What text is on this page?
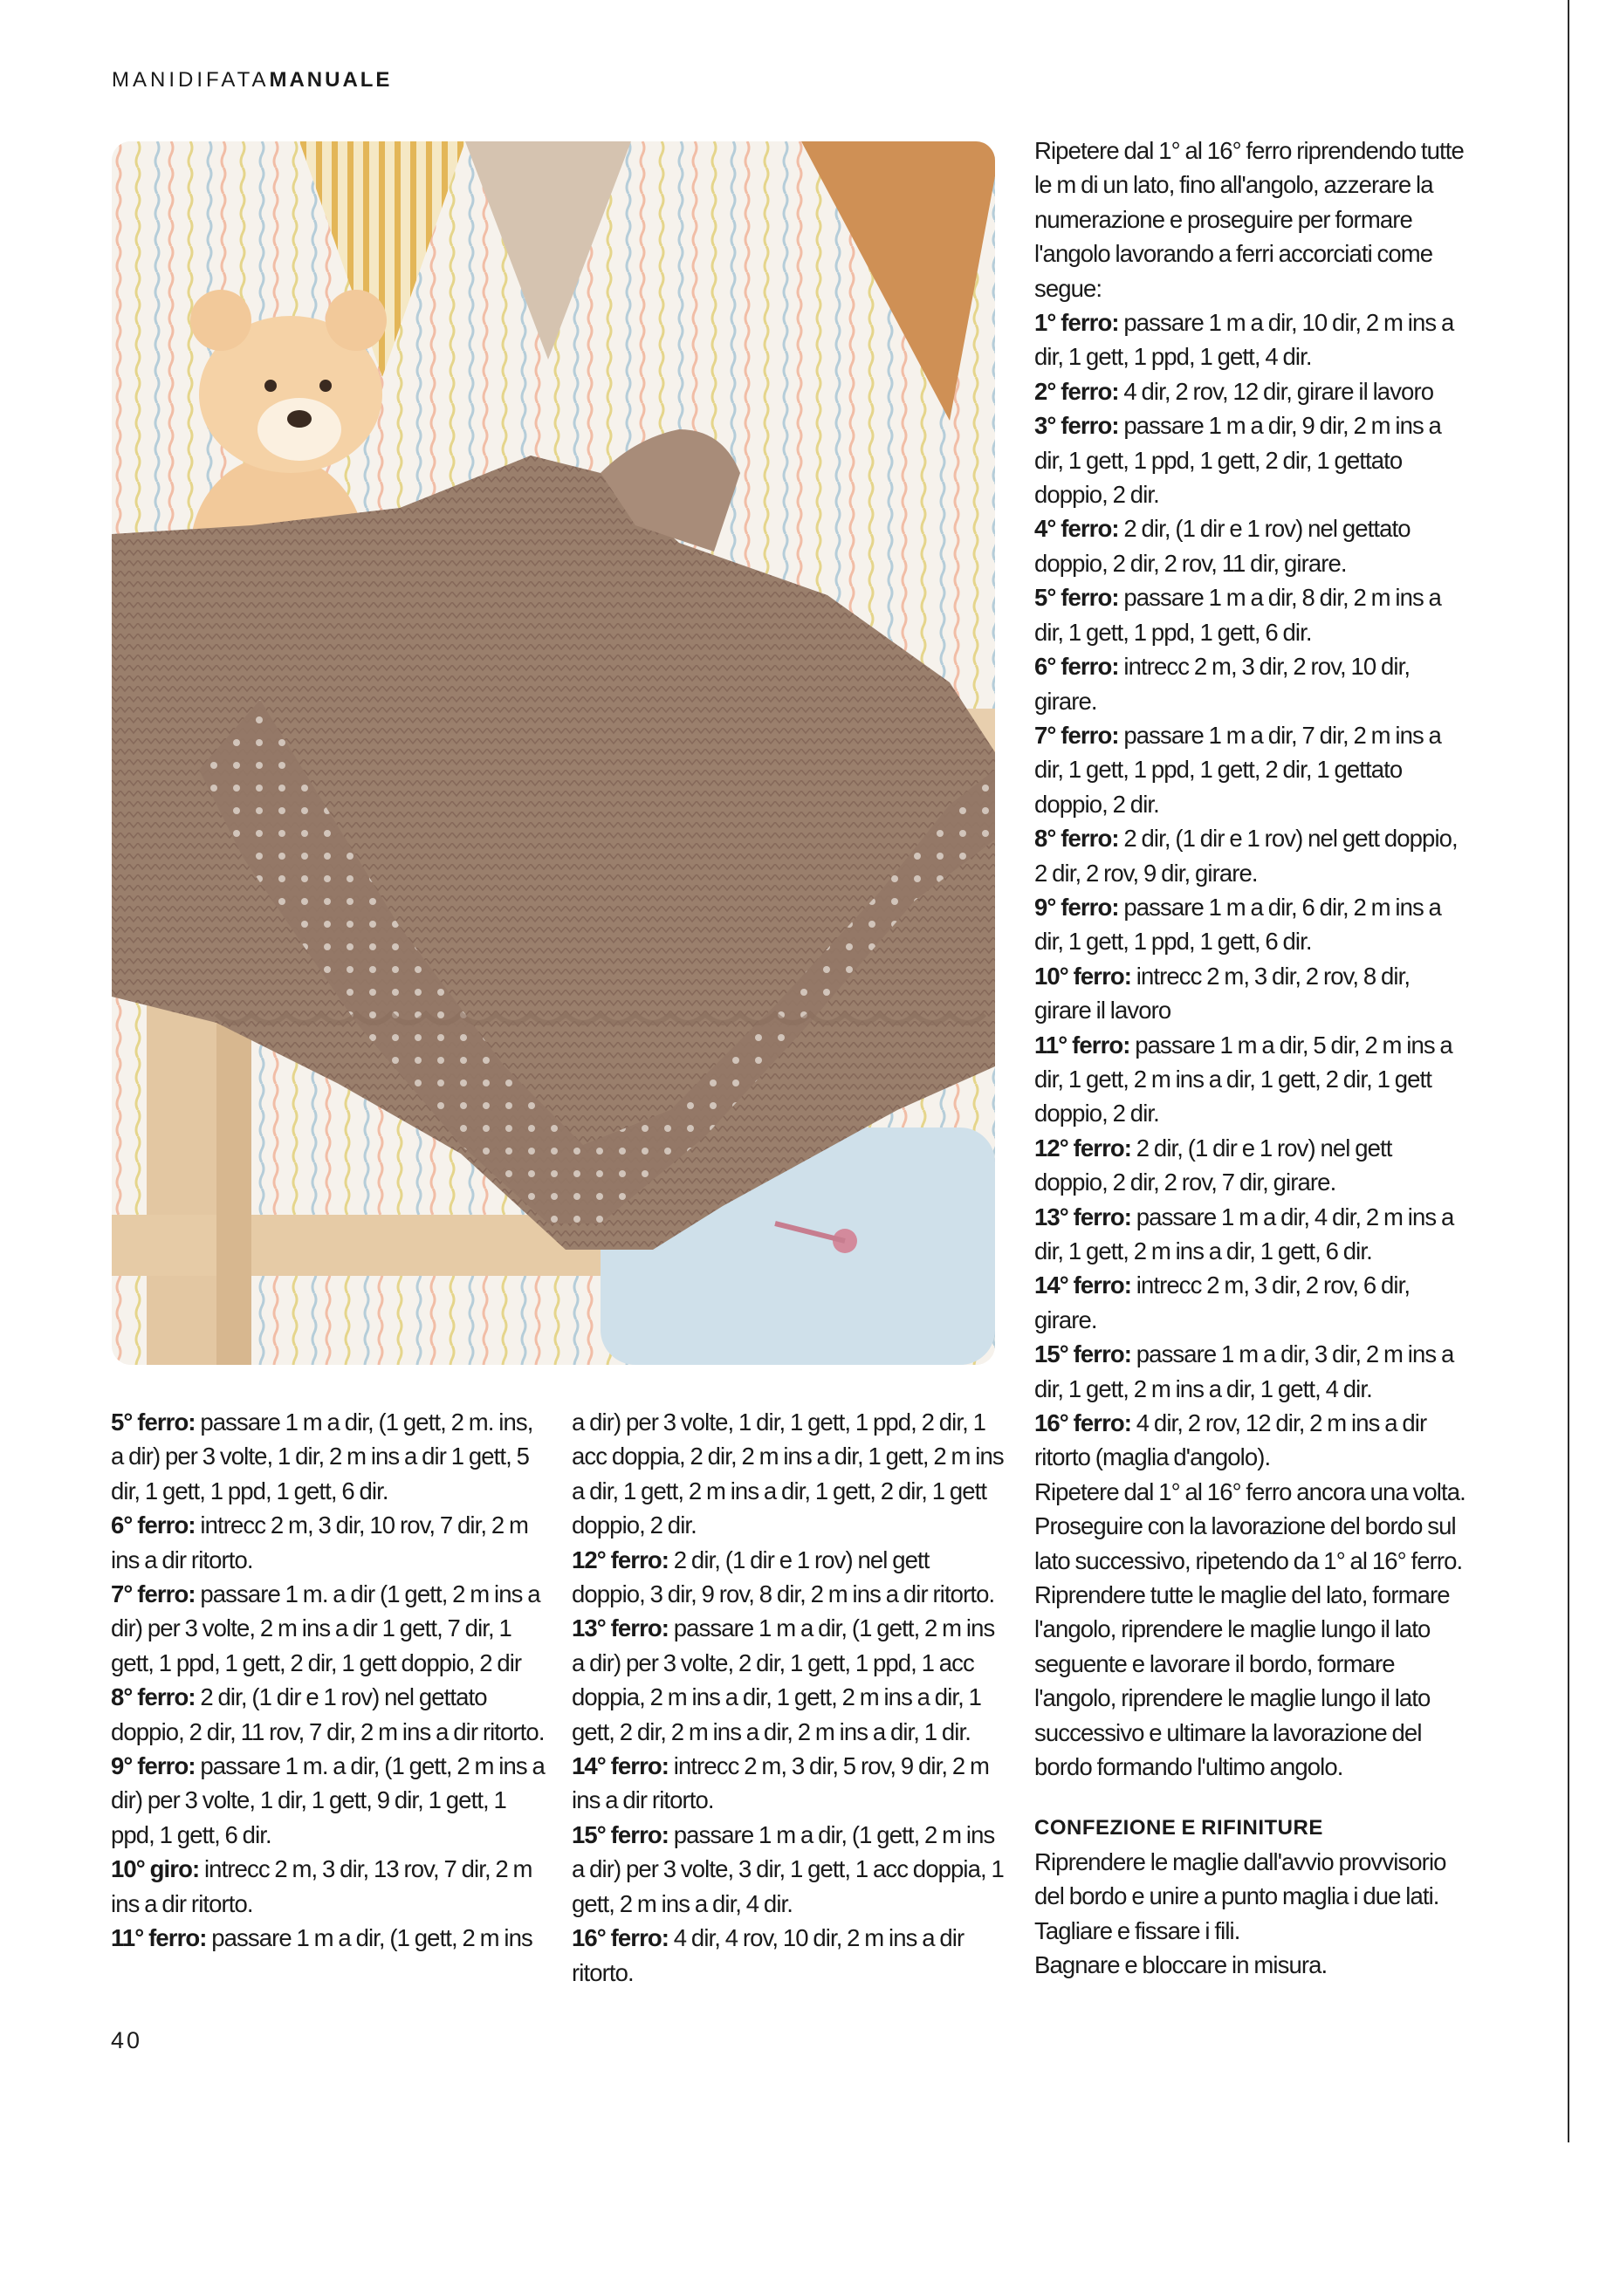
MANIDIFATAMANUALE

5° ferro: passare 1 m a dir, (1 gett, 2 m. ins, a dir) per 3 volte, 1 dir, 2 m ins a dir 1 gett, 5 dir, 1 gett, 1 ppd, 1 gett, 6 dir.

6° ferro: intrecc 2 m, 3 dir, 10 rov, 7 dir, 2 m ins a dir ritorto.

7° ferro: passare 1 m. a dir (1 gett, 2 m ins a dir) per 3 volte, 2 m ins a dir 1 gett, 7 dir, 1 gett, 1 ppd, 1 gett, 2 dir, 1 gett doppio, 2 dir

8° ferro: 2 dir, (1 dir e 1 rov) nel gettato doppio, 2 dir, 11 rov, 7 dir, 2 m ins a dir ritorto.

9° ferro: passare 1 m. a dir, (1 gett, 2 m ins a dir) per 3 volte, 1 dir, 1 gett, 9 dir, 1 gett, 1 ppd, 1 gett, 6 dir.

10° giro: intrecc 2 m, 3 dir, 13 rov, 7 dir, 2 m ins a dir ritorto.

11° ferro: passare 1 m a dir, (1 gett, 2 m ins

a dir) per 3 volte, 1 dir, 1 gett, 1 ppd, 2 dir, 1 acc doppia, 2 dir, 2 m ins a dir, 1 gett, 2 m ins a dir, 1 gett, 2 m ins a dir, 1 gett, 2 dir, 1 gett doppio, 2 dir.

12° ferro: 2 dir, (1 dir e 1 rov) nel gett doppio, 3 dir, 9 rov, 8 dir, 2 m ins a dir ritorto.

13° ferro: passare 1 m a dir, (1 gett, 2 m ins a dir) per 3 volte, 2 dir, 1 gett, 1 ppd, 1 acc doppia, 2 m ins a dir, 1 gett, 2 m ins a dir, 1 gett, 2 dir, 2 m ins a dir, 2 m ins a dir, 1 dir.

14° ferro: intrecc 2 m, 3 dir, 5 rov, 9 dir, 2 m ins a dir ritorto.

15° ferro: passare 1 m a dir, (1 gett, 2 m ins a dir) per 3 volte, 3 dir, 1 gett, 1 acc doppia, 1 gett, 2 m ins a dir, 4 dir.

16° ferro: 4 dir, 4 rov, 10 dir, 2 m ins a dir ritorto.

Ripetere dal 1° al 16° ferro riprendendo tutte le m di un lato, fino all'angolo, azzerare la numerazione e proseguire per formare l'angolo lavorando a ferri accorciati come segue:

1° ferro: passare 1 m a dir, 10 dir, 2 m ins a dir, 1 gett, 1 ppd, 1 gett, 4 dir.

2° ferro: 4 dir, 2 rov, 12 dir, girare il lavoro

3° ferro: passare 1 m a dir, 9 dir, 2 m ins a dir, 1 gett, 1 ppd, 1 gett, 2 dir, 1 gettato doppio, 2 dir.

4° ferro: 2 dir, (1 dir e 1 rov) nel gettato doppio, 2 dir, 2 rov, 11 dir, girare.

5° ferro: passare 1 m a dir, 8 dir, 2 m ins a dir, 1 gett, 1 ppd, 1 gett, 6 dir.

6° ferro: intrecc 2 m, 3 dir, 2 rov, 10 dir, girare.

7° ferro: passare 1 m a dir, 7 dir, 2 m ins a dir, 1 gett, 1 ppd, 1 gett, 2 dir, 1 gettato doppio, 2 dir.

8° ferro: 2 dir, (1 dir e 1 rov) nel gett doppio, 2 dir, 2 rov, 9 dir, girare.

9° ferro: passare 1 m a dir, 6 dir, 2 m ins a dir, 1 gett, 1 ppd, 1 gett, 6 dir.

10° ferro: intrecc 2 m, 3 dir, 2 rov, 8 dir, girare il lavoro

11° ferro: passare 1 m a dir, 5 dir, 2 m ins a dir, 1 gett, 2 m ins a dir, 1 gett, 2 dir, 1 gett doppio, 2 dir.

12° ferro: 2 dir, (1 dir e 1 rov) nel gett doppio, 2 dir, 2 rov, 7 dir, girare.

13° ferro: passare 1 m a dir, 4 dir, 2 m ins a dir, 1 gett, 2 m ins a dir, 1 gett, 6 dir.

14° ferro: intrecc 2 m, 3 dir, 2 rov, 6 dir, girare.

15° ferro: passare 1 m a dir, 3 dir, 2 m ins a dir, 1 gett, 2 m ins a dir, 1 gett, 4 dir.

16° ferro: 4 dir, 2 rov, 12 dir, 2 m ins a dir ritorto (maglia d'angolo).

Ripetere dal 1° al 16° ferro ancora una volta. Proseguire con la lavorazione del bordo sul lato successivo, ripetendo da 1° al 16° ferro.

Riprendere tutte le maglie del lato, formare l'angolo, riprendere le maglie lungo il lato seguente e lavorare il bordo, formare l'angolo, riprendere le maglie lungo il lato successivo e ultimare la lavorazione del bordo formando l'ultimo angolo.

CONFEZIONE E RIFINITURE

Riprendere le maglie dall'avvio provvisorio del bordo e unire a punto maglia i due lati. Tagliare e fissare i fili.

Bagnare e bloccare in misura.

40
